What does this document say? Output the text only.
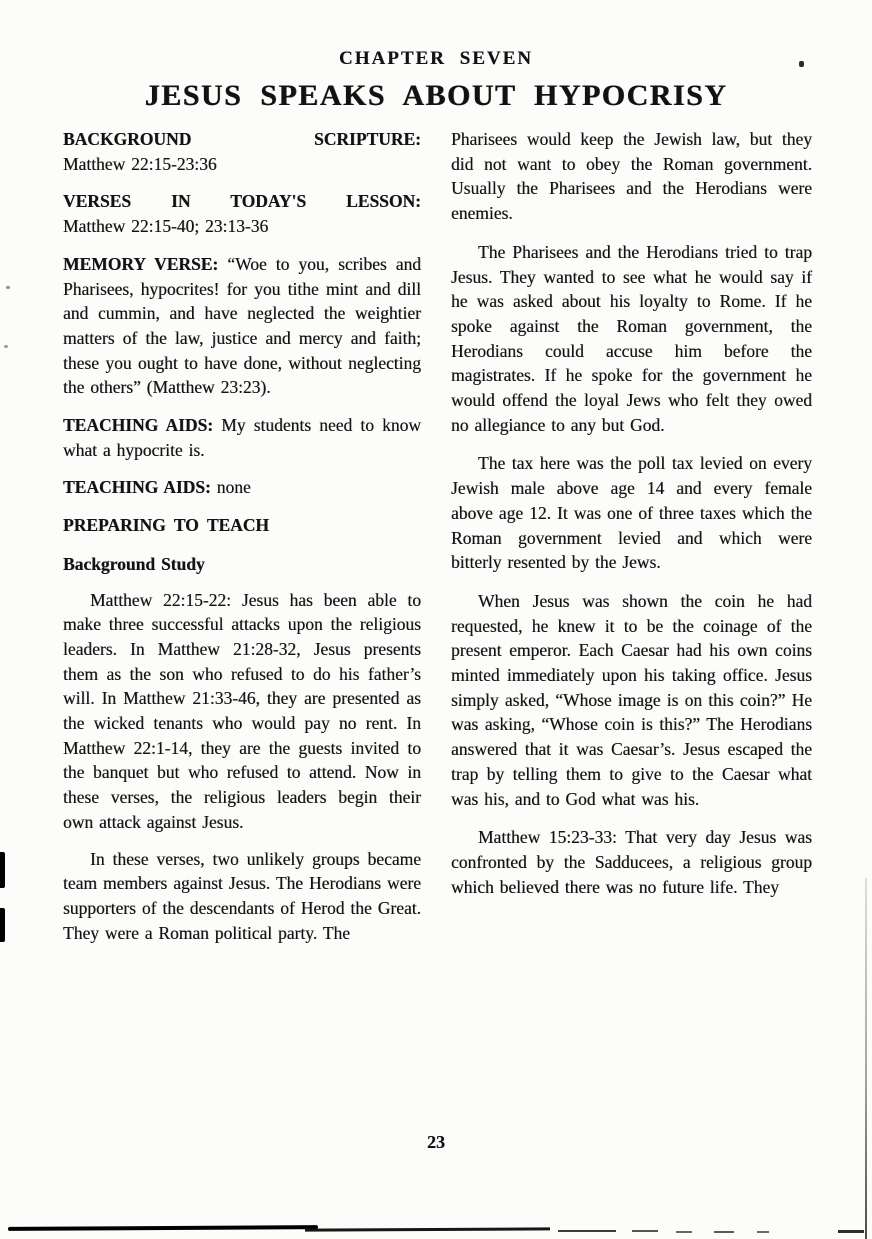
CHAPTER SEVEN
JESUS SPEAKS ABOUT HYPOCRISY
BACKGROUND SCRIPTURE:
Matthew 22:15-23:36
VERSES IN TODAY'S LESSON:
Matthew 22:15-40; 23:13-36
MEMORY VERSE: “Woe to you, scribes and Pharisees, hypocrites! for you tithe mint and dill and cummin, and have neglected the weightier matters of the law, justice and mercy and faith; these you ought to have done, without neglecting the others” (Matthew 23:23).
TEACHING AIDS: My students need to know what a hypocrite is.
TEACHING AIDS: none
PREPARING TO TEACH
Background Study

Matthew 22:15-22: Jesus has been able to make three successful attacks upon the religious leaders. In Matthew 21:28-32, Jesus presents them as the son who refused to do his father’s will. In Matthew 21:33-46, they are presented as the wicked tenants who would pay no rent. In Matthew 22:1-14, they are the guests invited to the banquet but who refused to attend. Now in these verses, the religious leaders begin their own attack against Jesus.

In these verses, two unlikely groups became team members against Jesus. The Herodians were supporters of the descendants of Herod the Great. They were a Roman political party. The

Pharisees would keep the Jewish law, but they did not want to obey the Roman government. Usually the Pharisees and the Herodians were enemies.

The Pharisees and the Herodians tried to trap Jesus. They wanted to see what he would say if he was asked about his loyalty to Rome. If he spoke against the Roman government, the Herodians could accuse him before the magistrates. If he spoke for the government he would offend the loyal Jews who felt they owed no allegiance to any but God.

The tax here was the poll tax levied on every Jewish male above age 14 and every female above age 12. It was one of three taxes which the Roman government levied and which were bitterly resented by the Jews.

When Jesus was shown the coin he had requested, he knew it to be the coinage of the present emperor. Each Caesar had his own coins minted immediately upon his taking office. Jesus simply asked, “Whose image is on this coin?” He was asking, “Whose coin is this?” The Herodians answered that it was Caesar’s. Jesus escaped the trap by telling them to give to the Caesar what was his, and to God what was his.

Matthew 15:23-33: That very day Jesus was confronted by the Sadducees, a religious group which believed there was no future life. They

23
